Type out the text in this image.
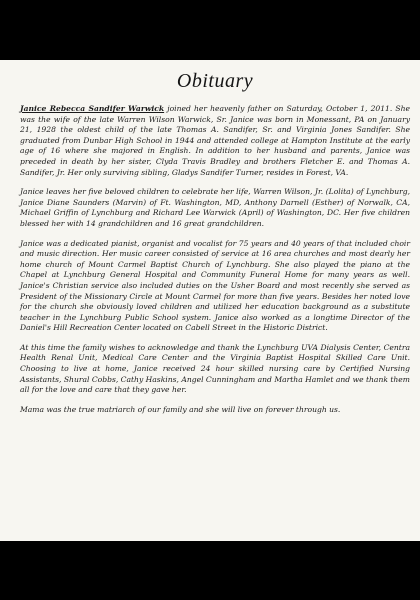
Obituary

Janice Rebecca Sandifer Warwick joined her heavenly father on Saturday, October 1, 2011. She was the wife of the late Warren Wilson Warwick, Sr. Janice was born in Monessant, PA on January 21, 1928 the oldest child of the late Thomas A. Sandifer, Sr. and Virginia Jones Sandifer. She graduated from Dunbar High School in 1944 and attended college at Hampton Institute at the early age of 16 where she majored in English. In addition to her husband and parents, Janice was preceded in death by her sister, Clyda Travis Bradley and brothers Fletcher E. and Thomas A. Sandifer, Jr. Her only surviving sibling, Gladys Sandifer Turner, resides in Forest, VA.

Janice leaves her five beloved children to celebrate her life, Warren Wilson, Jr. (Lolita) of Lynchburg, Janice Diane Saunders (Marvin) of Ft. Washington, MD, Anthony Darnell (Esther) of Norwalk, CA, Michael Griffin of Lynchburg and Richard Lee Warwick (April) of Washington, DC. Her five children blessed her with 14 grandchildren and 16 great grandchildren.

Janice was a dedicated pianist, organist and vocalist for 75 years and 40 years of that included choir and music direction. Her music career consisted of service at 16 area churches and most dearly her home church of Mount Carmel Baptist Church of Lynchburg. She also played the piano at the Chapel at Lynchburg General Hospital and Community Funeral Home for many years as well. Janice's Christian service also included duties on the Usher Board and most recently she served as President of the Missionary Circle at Mount Carmel for more than five years. Besides her noted love for the church she obviously loved children and utilized her education background as a substitute teacher in the Lynchburg Public School system. Janice also worked as a longtime Director of the Daniel's Hill Recreation Center located on Cabell Street in the Historic District.

At this time the family wishes to acknowledge and thank the Lynchburg UVA Dialysis Center, Centra Health Renal Unit, Medical Care Center and the Virginia Baptist Hospital Skilled Care Unit. Choosing to live at home, Janice received 24 hour skilled nursing care by Certified Nursing Assistants, Shural Cobbs, Cathy Haskins, Angel Cunningham and Martha Hamlet and we thank them all for the love and care that they gave her.

Mama was the true matriarch of our family and she will live on forever through us.
